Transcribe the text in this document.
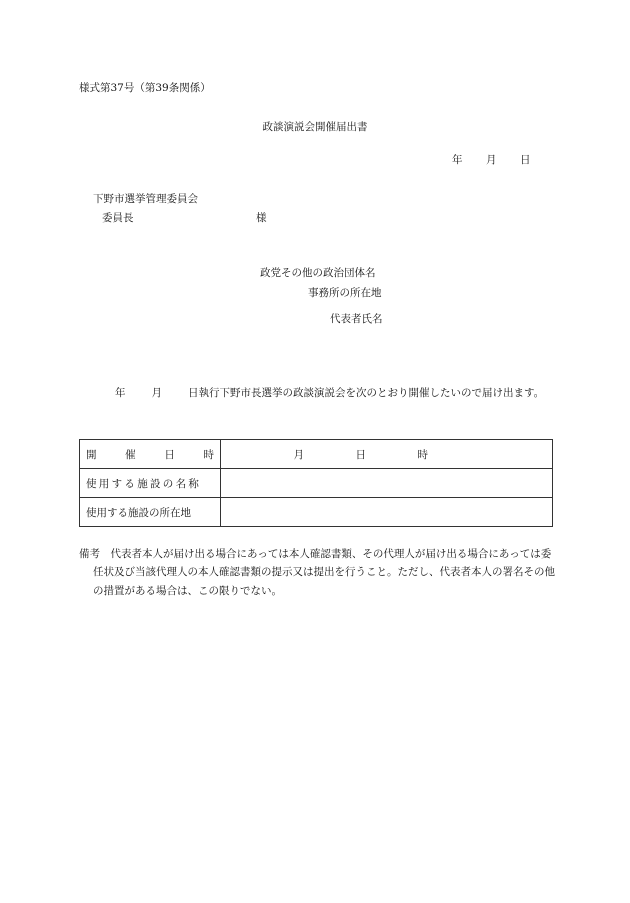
様式第37号（第39条関係）
政談演説会開催届出書
年 月 日
下野市選挙管理委員会
委員長	様
政党その他の政治団体名
事務所の所在地
代表者氏名
年 月 日執行下野市長選挙の政談演説会を次のとおり開催したいので届け出ます。
開 催 日 時	月 日 時

使用する施設の名称	
使用する施設の所在地	
備考　代表者本人が届け出る場合にあっては本人確認書類、その代理人が届け出る場合にあっては委任状及び当該代理人の本人確認書類の提示又は提出を行うこと。ただし、代表者本人の署名その他の措置がある場合は、この限りでない。
